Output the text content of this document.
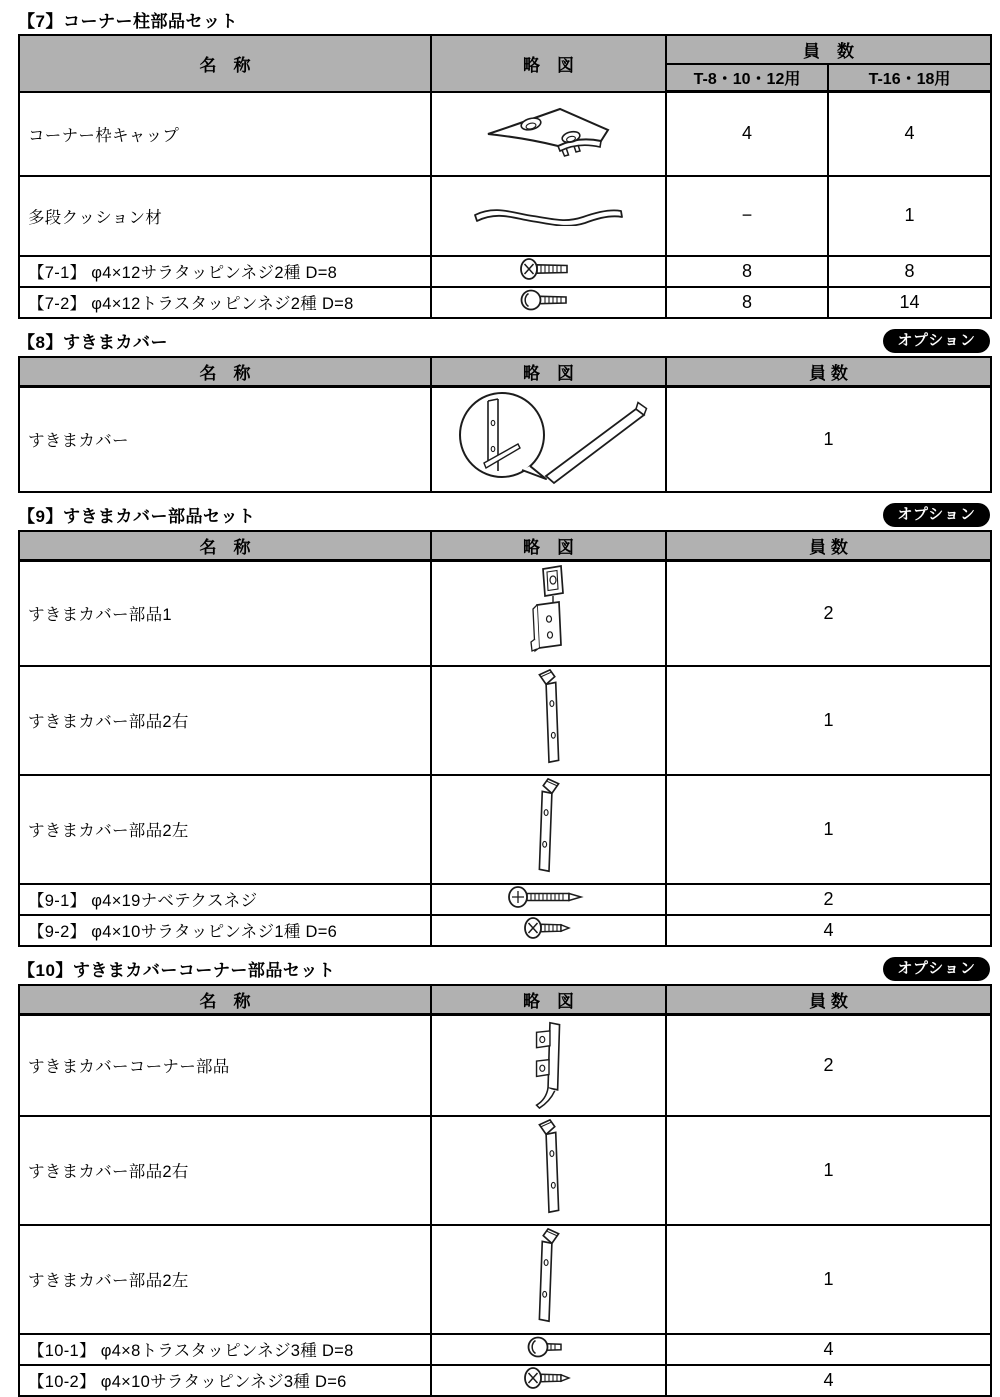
【7】コーナー柱部品セット
名　称	略　図	員　数	
		T-8・10・12用	T-16・18用
コーナー枠キャップ		4	4
多段クッション材		−	1
【7-1】 φ4×12サラタッピンネジ2種 D=8		8	8
【7-2】 φ4×12トラスタッピンネジ2種 D=8		8	14
【8】すきまカバー	オプション
名　称	略　図	員 数
すきまカバー		1
【9】すきまカバー部品セット	オプション
名　称	略　図	員 数
すきまカバー部品1		2
すきまカバー部品2右		1
すきまカバー部品2左		1
【9-1】 φ4×19ナベテクスネジ		2
【9-2】 φ4×10サラタッピンネジ1種 D=6		4
【10】すきまカバーコーナー部品セット	オプション
名　称	略　図	員 数
すきまカバーコーナー部品		2
すきまカバー部品2右		1
すきまカバー部品2左		1
【10-1】 φ4×8トラスタッピンネジ3種 D=8		4
【10-2】 φ4×10サラタッピンネジ3種 D=6		4
